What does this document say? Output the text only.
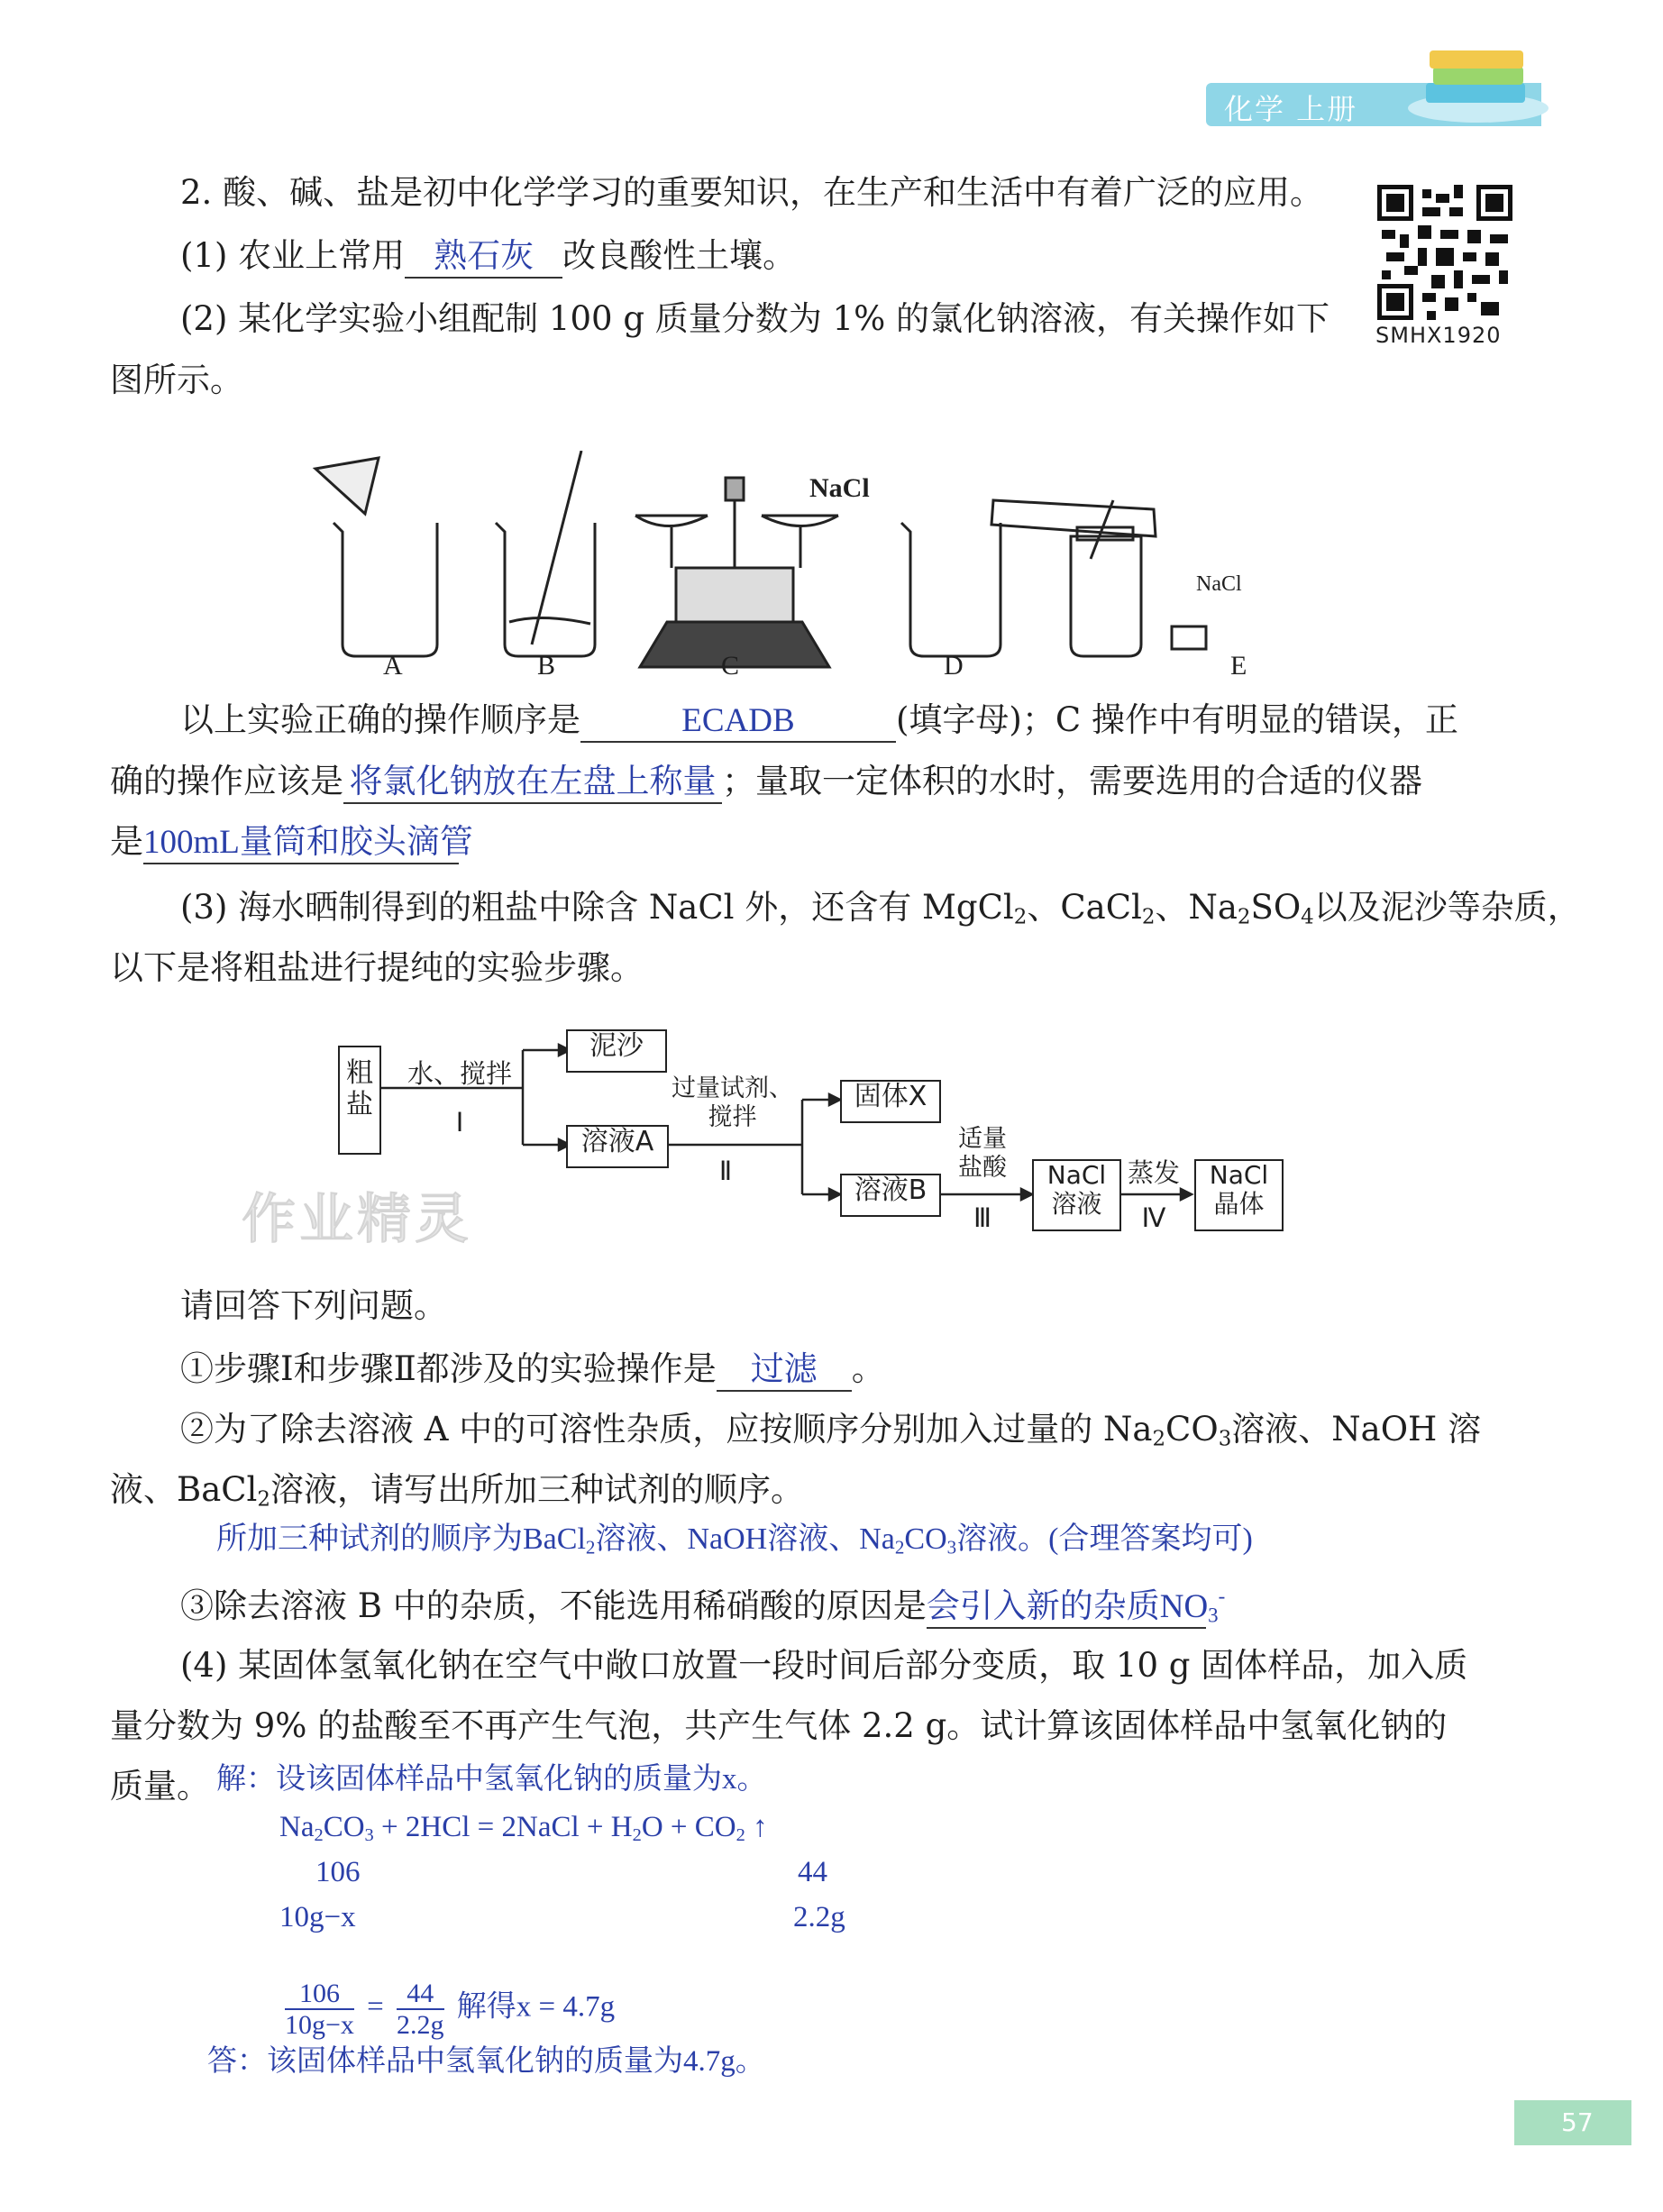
化学 上册
SMHX1920
2. 酸、碱、盐是初中化学学习的重要知识，在生产和生活中有着广泛的应用。
(1) 农业上常用 熟石灰 改良酸性土壤。
(2) 某化学实验小组配制 100 g 质量分数为 1% 的氯化钠溶液，有关操作如下
图所示。
NaCl
NaCl
A	B	C	D	E
以上实验正确的操作顺序是	ECADB	(填字母)；C 操作中有明显的错误，正
确的操作应该是 将氯化钠放在左盘上称量 ；量取一定体积的水时，需要选用的合适的仪器
是100mL量筒和胶头滴管
(3) 海水晒制得到的粗盐中除含 NaCl 外，还含有 MgCl$_2$、CaCl$_2$、$Na_2SO_4$以及泥沙等杂质，
以下是将粗盐进行提纯的实验步骤。
粗
盐
水、搅拌
Ⅰ
泥沙
溶液A
过量试剂、
搅拌
Ⅱ
固体X
溶液B
适量
盐酸
Ⅲ
NaCl
溶液
蒸发
Ⅳ
NaCl
晶体
作业精灵
请回答下列问题。
①步骤Ⅰ和步骤Ⅱ都涉及的实验操作是 过滤 。
②为了除去溶液 A 中的可溶性杂质，应按顺序分别加入过量的 $Na_2CO_3$溶液、NaOH 溶
液、BaCl$_2$溶液，请写出所加三种试剂的顺序。
所加三种试剂的顺序为BaCl$_2$溶液、NaOH溶液、$Na_2CO_3$溶液。(合理答案均可)
③除去溶液 B 中的杂质，不能选用稀硝酸的原因是会引入新的杂质$NO_3^-$
(4) 某固体氢氧化钠在空气中敞口放置一段时间后部分变质，取 10 g 固体样品，加入质
量分数为 9% 的盐酸至不再产生气泡，共产生气体 2.2 g。试计算该固体样品中氢氧化钠的
质量。 解：设该固体样品中氢氧化钠的质量为x。
$Na_2CO_3 + 2HCl$ = 2NaCl + $H_2O + CO_2$ ↑
106	44
10g−x	2.2g
$\frac{106}{10g-x} = \frac{44}{2.2g}$ 解得x = 4.7g
答：该固体样品中氢氧化钠的质量为4.7g。
57
